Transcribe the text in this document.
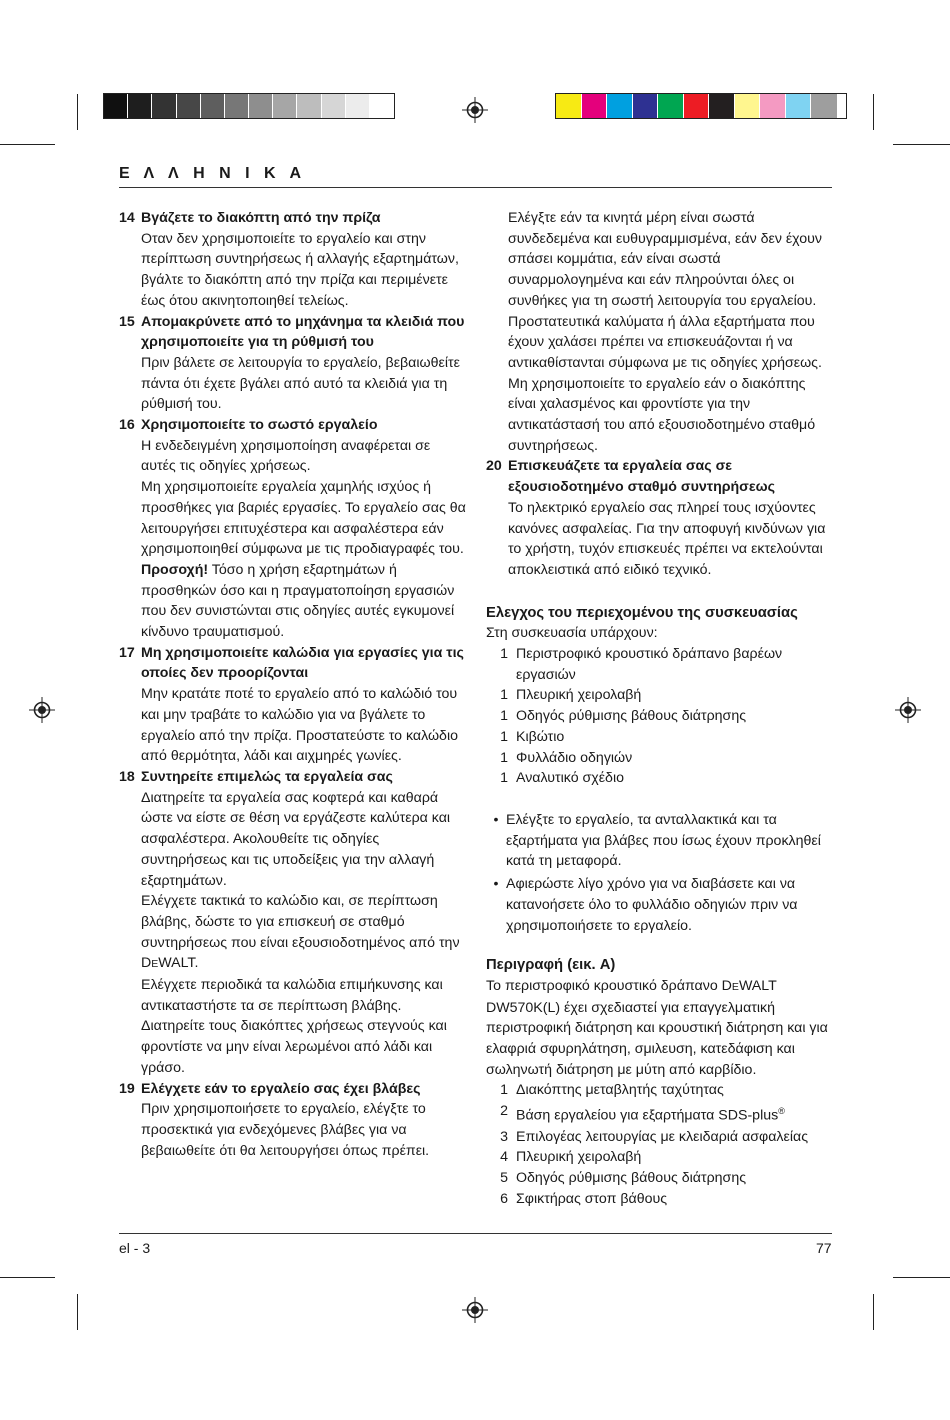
Ε Λ Λ Η Ν Ι Κ Α
14 Βγάζετε το διακόπτη από την πρίζα
Οταν δεν χρησιμοποιείτε το εργαλείο και στην περίπτωση συντηρήσεως ή αλλαγής εξαρτημάτων, βγάλτε το διακόπτη από την πρίζα και περιμένετε έως ότου ακινητοποιηθεί τελείως.
15 Απομακρύνετε από το μηχάνημα τα κλειδιά που χρησιμοποιείτε για τη ρύθμισή του
Πριν βάλετε σε λειτουργία το εργαλείο, βεβαιωθείτε πάντα ότι έχετε βγάλει από αυτό τα κλειδιά για τη ρύθμισή του.
16 Χρησιμοποιείτε το σωστό εργαλείο
Η ενδεδειγμένη χρησιμοποίηση αναφέρεται σε αυτές τις οδηγίες χρήσεως.
Μη χρησιμοποιείτε εργαλεία χαμηλής ισχύος ή προσθήκες για βαριές εργασίες. Το εργαλείο σας θα λειτουργήσει επιτυχέστερα και ασφαλέστερα εάν χρησιμοποιηθεί σύμφωνα με τις προδιαγραφές του.
Προσοχή! Τόσο η χρήση εξαρτημάτων ή προσθηκών όσο και η πραγματοποίηση εργασιών που δεν συνιστώνται στις οδηγίες αυτές εγκυμονεί κίνδυνο τραυματισμού.
17 Μη χρησιμοποιείτε καλώδια για εργασίες για τις οποίες δεν προορίζονται
Μην κρατάτε ποτέ το εργαλείο από το καλώδιό του και μην τραβάτε το καλώδιο για να βγάλετε το εργαλείο από την πρίζα. Προστατεύστε το καλώδιο από θερμότητα, λάδι και αιχμηρές γωνίες.
18 Συντηρείτε επιμελώς τα εργαλεία σας
Διατηρείτε τα εργαλεία σας κοφτερά και καθαρά ώστε να είστε σε θέση να εργάζεστε καλύτερα και ασφαλέστερα. Ακολουθείτε τις οδηγίες συντηρήσεως και τις υποδείξεις για την αλλαγή εξαρτημάτων.
Ελέγχετε τακτικά το καλώδιο και, σε περίπτωση βλάβης, δώστε το για επισκευή σε σταθμό συντηρήσεως που είναι εξουσιοδοτημένος από την DEWALT.
Ελέγχετε περιοδικά τα καλώδια επιμήκυνσης και αντικαταστήστε τα σε περίπτωση βλάβης. Διατηρείτε τους διακόπτες χρήσεως στεγνούς και φροντίστε να μην είναι λερωμένοι από λάδι και γράσο.
19 Ελέγχετε εάν το εργαλείο σας έχει βλάβες
Πριν χρησιμοποιήσετε το εργαλείο, ελέγξτε το προσεκτικά για ενδεχόμενες βλάβες για να βεβαιωθείτε ότι θα λειτουργήσει όπως πρέπει.
Ελέγξτε εάν τα κινητά μέρη είναι σωστά συνδεδεμένα και ευθυγραμμισμένα, εάν δεν έχουν σπάσει κομμάτια, εάν είναι σωστά συναρμολογημένα και εάν πληρούνται όλες οι συνθήκες για τη σωστή λειτουργία του εργαλείου. Προστατευτικά καλύματα ή άλλα εξαρτήματα που έχουν χαλάσει πρέπει να επισκευάζονται ή να αντικαθίστανται σύμφωνα με τις οδηγίες χρήσεως. Μη χρησιμοποιείτε το εργαλείο εάν ο διακόπτης είναι χαλασμένος και φροντίστε για την αντικατάστασή του από εξουσιοδοτημένο σταθμό συντηρήσεως.
20 Επισκευάζετε τα εργαλεία σας σε εξουσιοδοτημένο σταθμό συντηρήσεως
Το ηλεκτρικό εργαλείο σας πληρεί τους ισχύοντες κανόνες ασφαλείας. Για την αποφυγή κινδύνων για το χρήστη, τυχόν επισκευές πρέπει να εκτελούνται αποκλειστικά από ειδικό τεχνικό.
Ελεγχος του περιεχομένου της συσκευασίας
Στη συσκευασία υπάρχουν:
1 Περιστροφικό κρουστικό δράπανο βαρέων εργασιών
1 Πλευρική χειρολαβή
1 Οδηγός ρύθμισης βάθους διάτρησης
1 Κιβώτιο
1 Φυλλάδιο οδηγιών
1 Αναλυτικό σχέδιο
• Ελέγξτε το εργαλείο, τα ανταλλακτικά και τα εξαρτήματα για βλάβες που ίσως έχουν προκληθεί κατά τη μεταφορά.
• Αφιερώστε λίγο χρόνο για να διαβάσετε και να κατανοήσετε όλο το φυλλάδιο οδηγιών πριν να χρησιμοποιήσετε το εργαλείο.
Περιγραφή (εικ. A)
Το περιστροφικό κρουστικό δράπανο DEWALT DW570K(L) έχει σχεδιαστεί για επαγγελματική περιστροφική διάτρηση και κρουστική διάτρηση και για ελαφριά σφυρηλάτηση, σμιλευση, κατεδάφιση και σωληνωτή διάτρηση με μύτη από καρβίδιο.
1 Διακόπτης μεταβλητής ταχύτητας
2 Βάση εργαλείου για εξαρτήματα SDS-plus®
3 Επιλογέας λειτουργίας με κλειδαριά ασφαλείας
4 Πλευρική χειρολαβή
5 Οδηγός ρύθμισης βάθους διάτρησης
6 Σφικτήρας στοπ βάθους
el - 3	77
